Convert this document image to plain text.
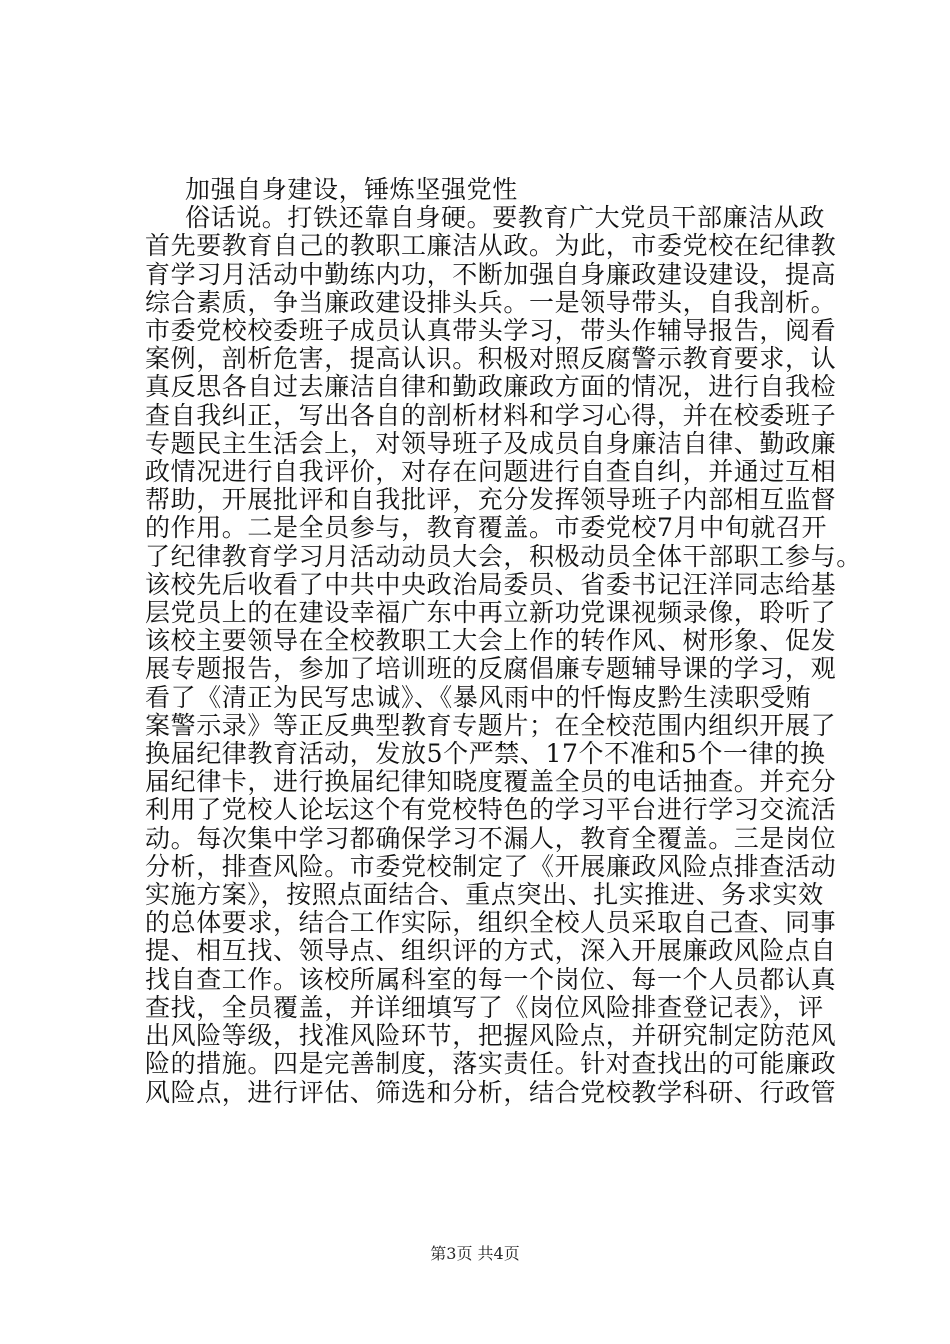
加强自身建设，锤炼坚强党性
俗话说。打铁还靠自身硬。要教育广大党员干部廉洁从政
首先要教育自己的教职工廉洁从政。为此，市委党校在纪律教
育学习月活动中勤练内功，不断加强自身廉政建设建设，提高
综合素质，争当廉政建设排头兵。一是领导带头，自我剖析。
市委党校校委班子成员认真带头学习，带头作辅导报告，阅看
案例，剖析危害，提高认识。积极对照反腐警示教育要求，认
真反思各自过去廉洁自律和勤政廉政方面的情况，进行自我检
查自我纠正，写出各自的剖析材料和学习心得，并在校委班子
专题民主生活会上，对领导班子及成员自身廉洁自律、勤政廉
政情况进行自我评价，对存在问题进行自查自纠，并通过互相
帮助，开展批评和自我批评，充分发挥领导班子内部相互监督
的作用。二是全员参与，教育覆盖。市委党校7月中旬就召开
了纪律教育学习月活动动员大会，积极动员全体干部职工参与。
该校先后收看了中共中央政治局委员、省委书记汪洋同志给基
层党员上的在建设幸福广东中再立新功党课视频录像，聆听了
该校主要领导在全校教职工大会上作的转作风、树形象、促发
展专题报告，参加了培训班的反腐倡廉专题辅导课的学习，观
看了《清正为民写忠诚》、《暴风雨中的忏悔皮黔生渎职受贿
案警示录》等正反典型教育专题片；在全校范围内组织开展了
换届纪律教育活动，发放5个严禁、17个不准和5个一律的换
届纪律卡，进行换届纪律知晓度覆盖全员的电话抽查。并充分
利用了党校人论坛这个有党校特色的学习平台进行学习交流活
动。每次集中学习都确保学习不漏人，教育全覆盖。三是岗位
分析，排查风险。市委党校制定了《开展廉政风险点排查活动
实施方案》，按照点面结合、重点突出、扎实推进、务求实效
的总体要求，结合工作实际，组织全校人员采取自己查、同事
提、相互找、领导点、组织评的方式，深入开展廉政风险点自
找自查工作。该校所属科室的每一个岗位、每一个人员都认真
查找，全员覆盖，并详细填写了《岗位风险排查登记表》，评
出风险等级，找准风险环节，把握风险点，并研究制定防范风
险的措施。四是完善制度，落实责任。针对查找出的可能廉政
风险点，进行评估、筛选和分析，结合党校教学科研、行政管
第3页 共4页
